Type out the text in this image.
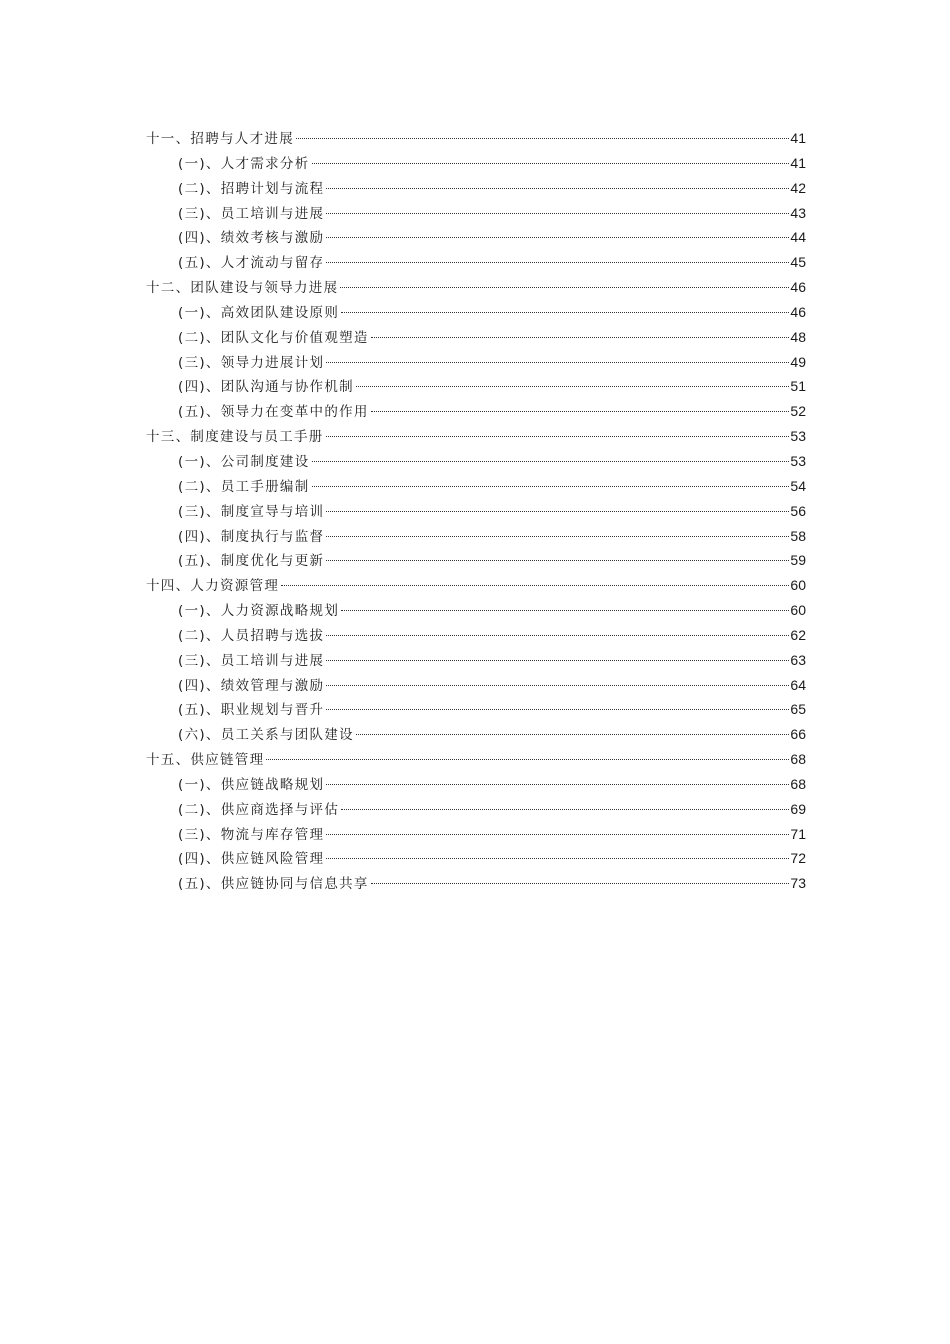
十一、招聘与人才进展	41
(一)、人才需求分析	41
(二)、招聘计划与流程	42
(三)、员工培训与进展	43
(四)、绩效考核与激励	44
(五)、人才流动与留存	45
十二、团队建设与领导力进展	46
(一)、高效团队建设原则	46
(二)、团队文化与价值观塑造	48
(三)、领导力进展计划	49
(四)、团队沟通与协作机制	51
(五)、领导力在变革中的作用	52
十三、制度建设与员工手册	53
(一)、公司制度建设	53
(二)、员工手册编制	54
(三)、制度宣导与培训	56
(四)、制度执行与监督	58
(五)、制度优化与更新	59
十四、人力资源管理	60
(一)、人力资源战略规划	60
(二)、人员招聘与选拔	62
(三)、员工培训与进展	63
(四)、绩效管理与激励	64
(五)、职业规划与晋升	65
(六)、员工关系与团队建设	66
十五、供应链管理	68
(一)、供应链战略规划	68
(二)、供应商选择与评估	69
(三)、物流与库存管理	71
(四)、供应链风险管理	72
(五)、供应链协同与信息共享	73
